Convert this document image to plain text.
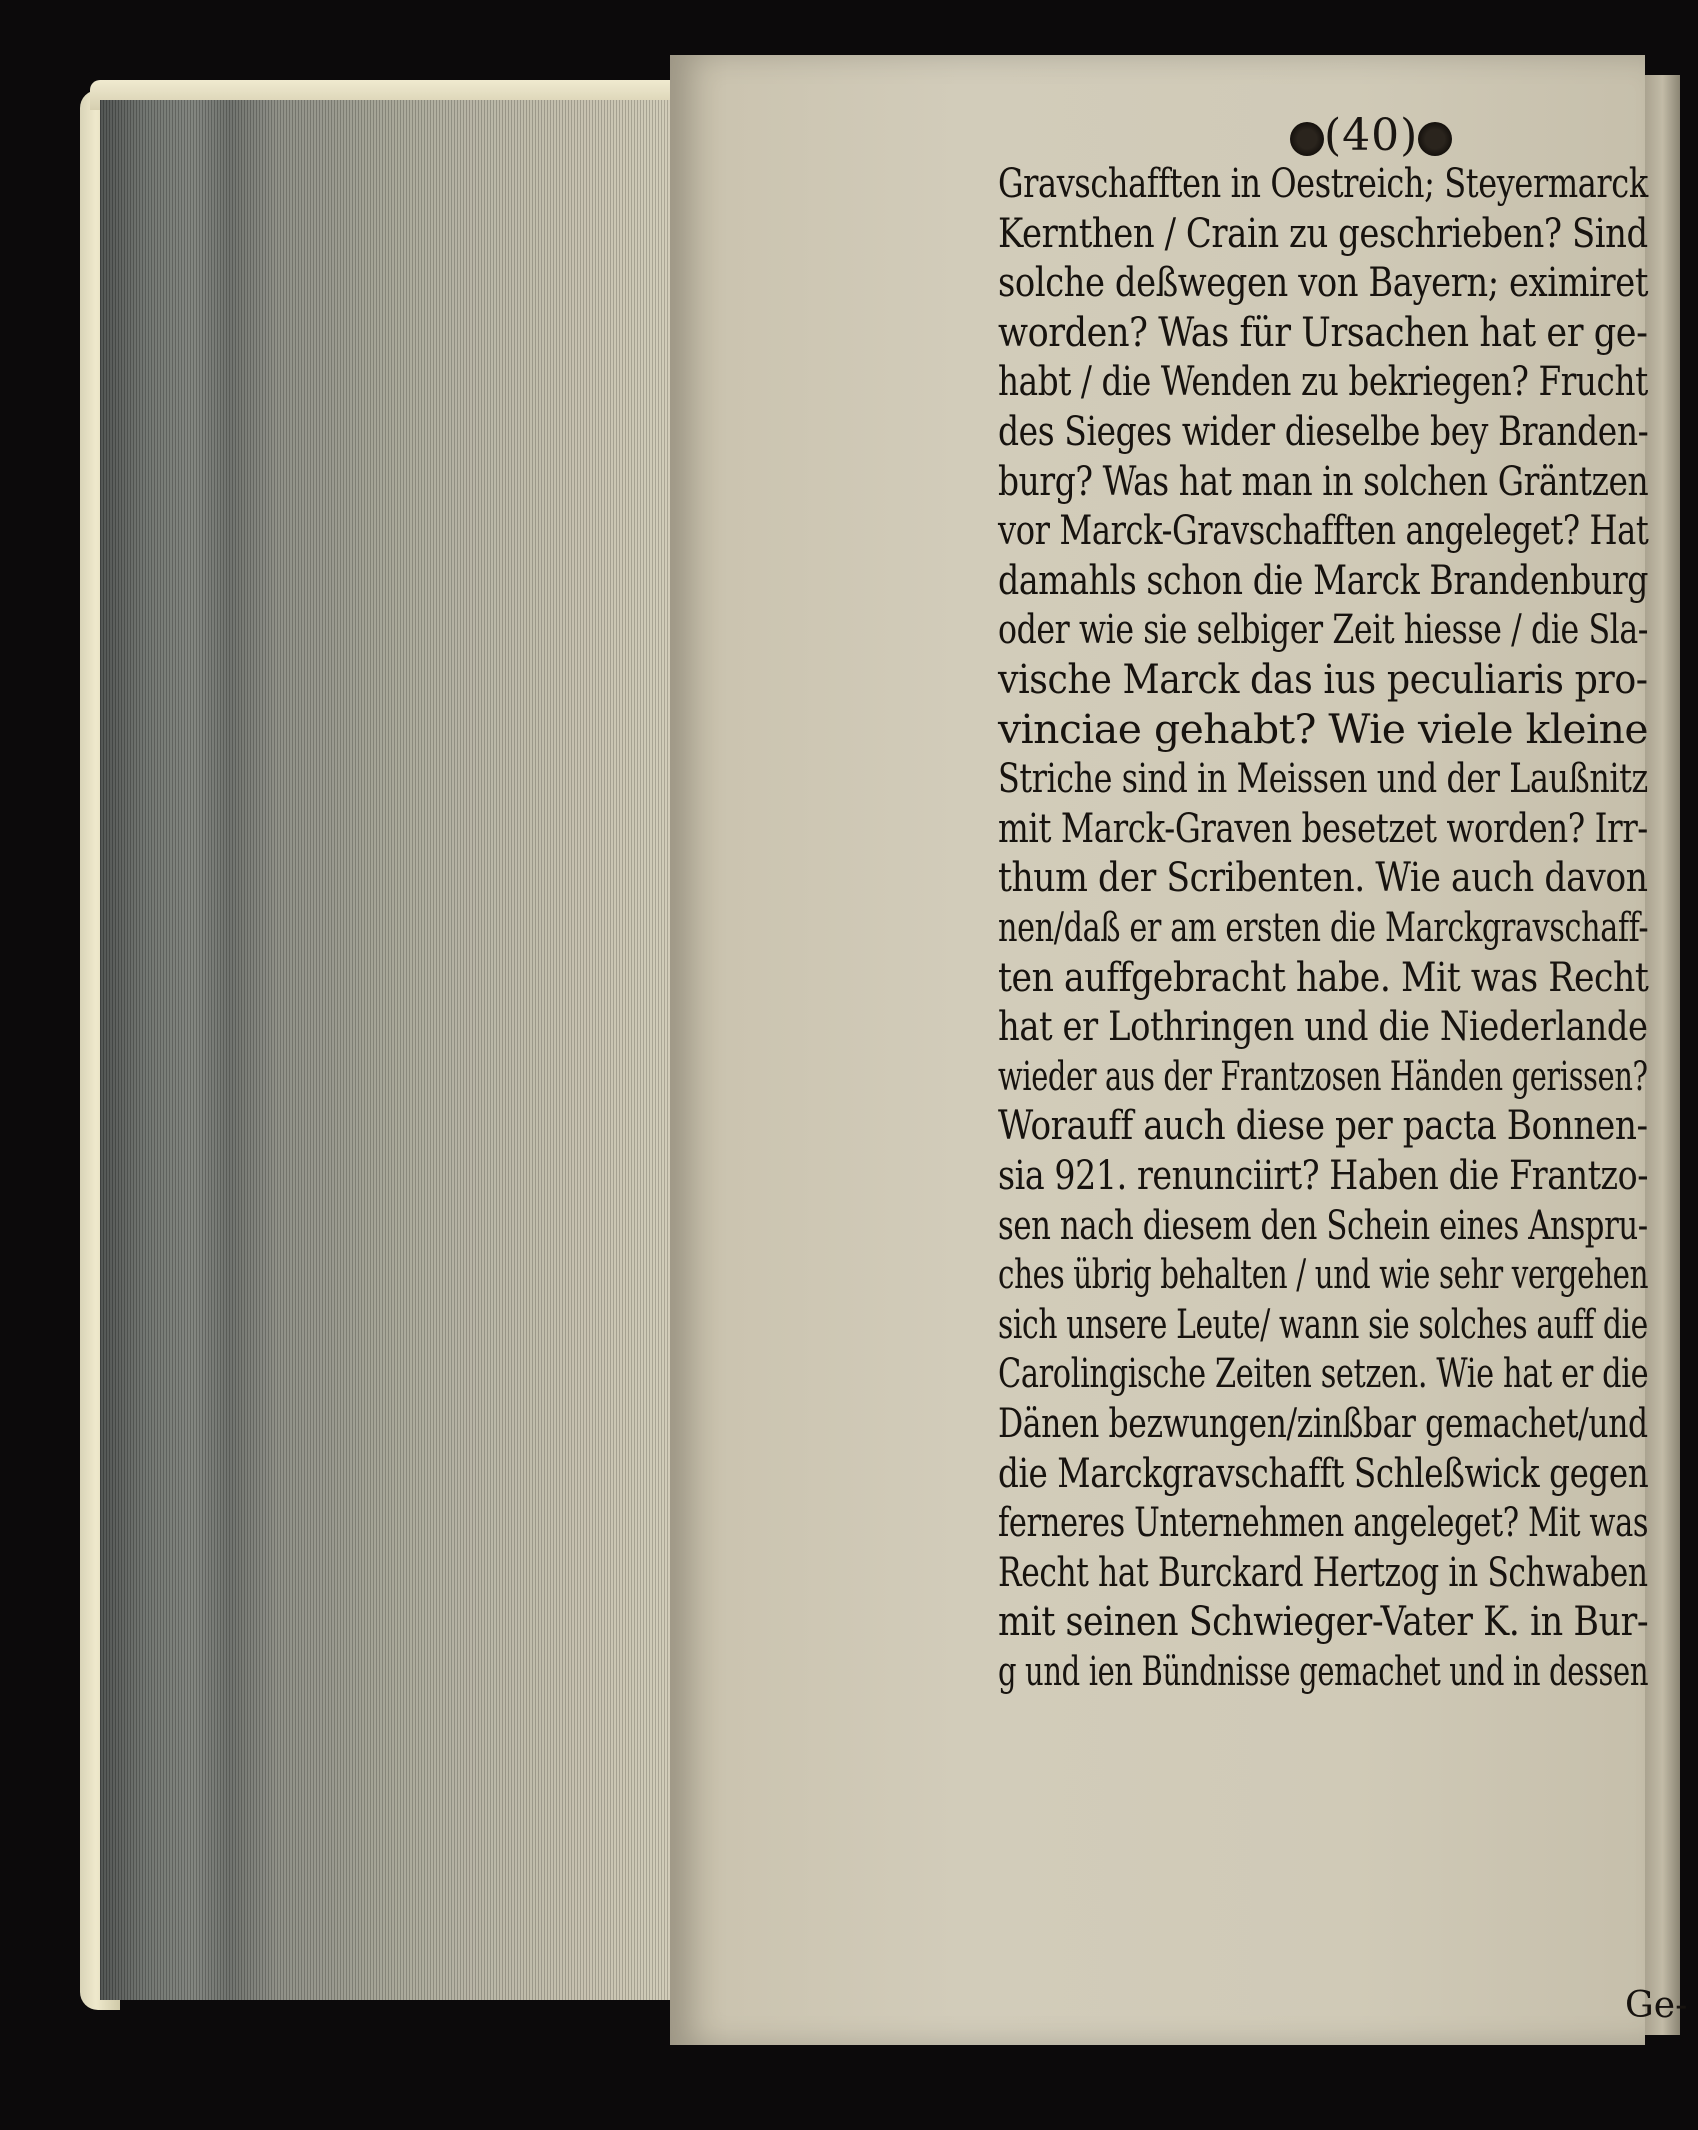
(40)
Gravschafften in Oestreich; Steyermarck
Kernthen / Crain zu geschrieben? Sind
solche deßwegen von Bayern; eximiret
worden? Was für Ursachen hat er ge-
habt / die Wenden zu bekriegen? Frucht
des Sieges wider dieselbe bey Branden-
burg? Was hat man in solchen Gräntzen
vor Marck-Gravschafften angeleget? Hat
damahls schon die Marck Brandenburg
oder wie sie selbiger Zeit hiesse / die Sla-
vische Marck das ius peculiaris pro-
vinciae gehabt? Wie viele kleine
Striche sind in Meissen und der Laußnitz
mit Marck-Graven besetzet worden? Irr-
thum der Scribenten. Wie auch davon
nen/daß er am ersten die Marckgravschaff-
ten auffgebracht habe. Mit was Recht
hat er Lothringen und die Niederlande
wieder aus der Frantzosen Händen gerissen?
Worauff auch diese per pacta Bonnen-
sia 921. renunciirt? Haben die Frantzo-
sen nach diesem den Schein eines Anspru-
ches übrig behalten / und wie sehr vergehen
sich unsere Leute/ wann sie solches auff die
Carolingische Zeiten setzen. Wie hat er die
Dänen bezwungen/zinßbar gemachet/und
die Marckgravschafft Schleßwick gegen
ferneres Unternehmen angeleget? Mit was
Recht hat Burckard Hertzog in Schwaben
mit seinen Schwieger-Vater K. in Bur-
g und ien Bündnisse gemachet und in dessen
Ge-
